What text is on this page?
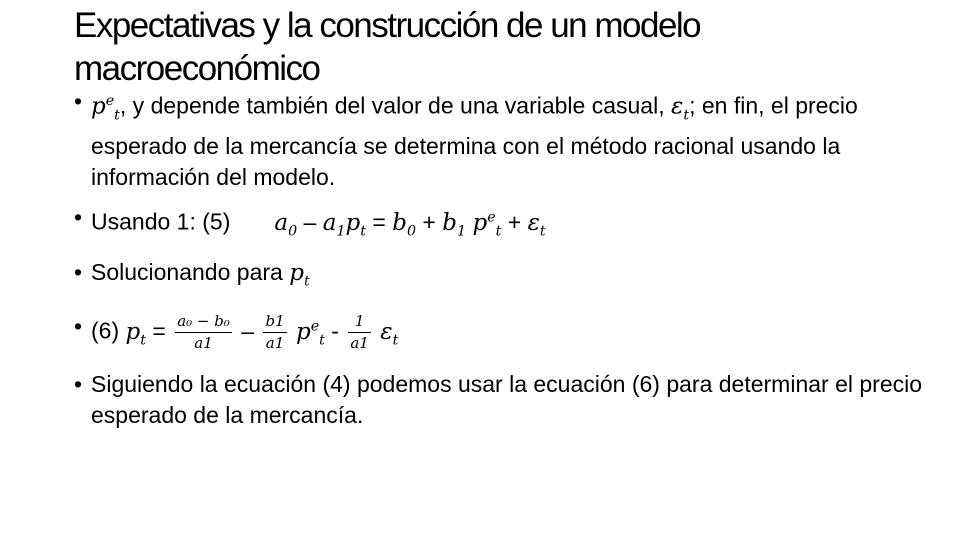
Expectativas y la construcción de un modelo macroeconómico
• $p^e_t$, y depende también del valor de una variable casual, $\varepsilon_t$; en fin, el precio esperado de la mercancía se determina con el método racional usando la información del modelo.
• Usando 1: (5) $a_0 - a_1p_t = b_0 + b_1$ $p^e_t + \varepsilon_t$
• Solucionando para $p_t$
• (6) $p_t = \frac{\text{a₀ − b₀}}{a1} - \frac{b1}{a1} p^e_t - \frac{1}{a1} \varepsilon_t$
• Siguiendo la ecuación (4) podemos usar la ecuación (6) para determinar el precio esperado de la mercancía.
